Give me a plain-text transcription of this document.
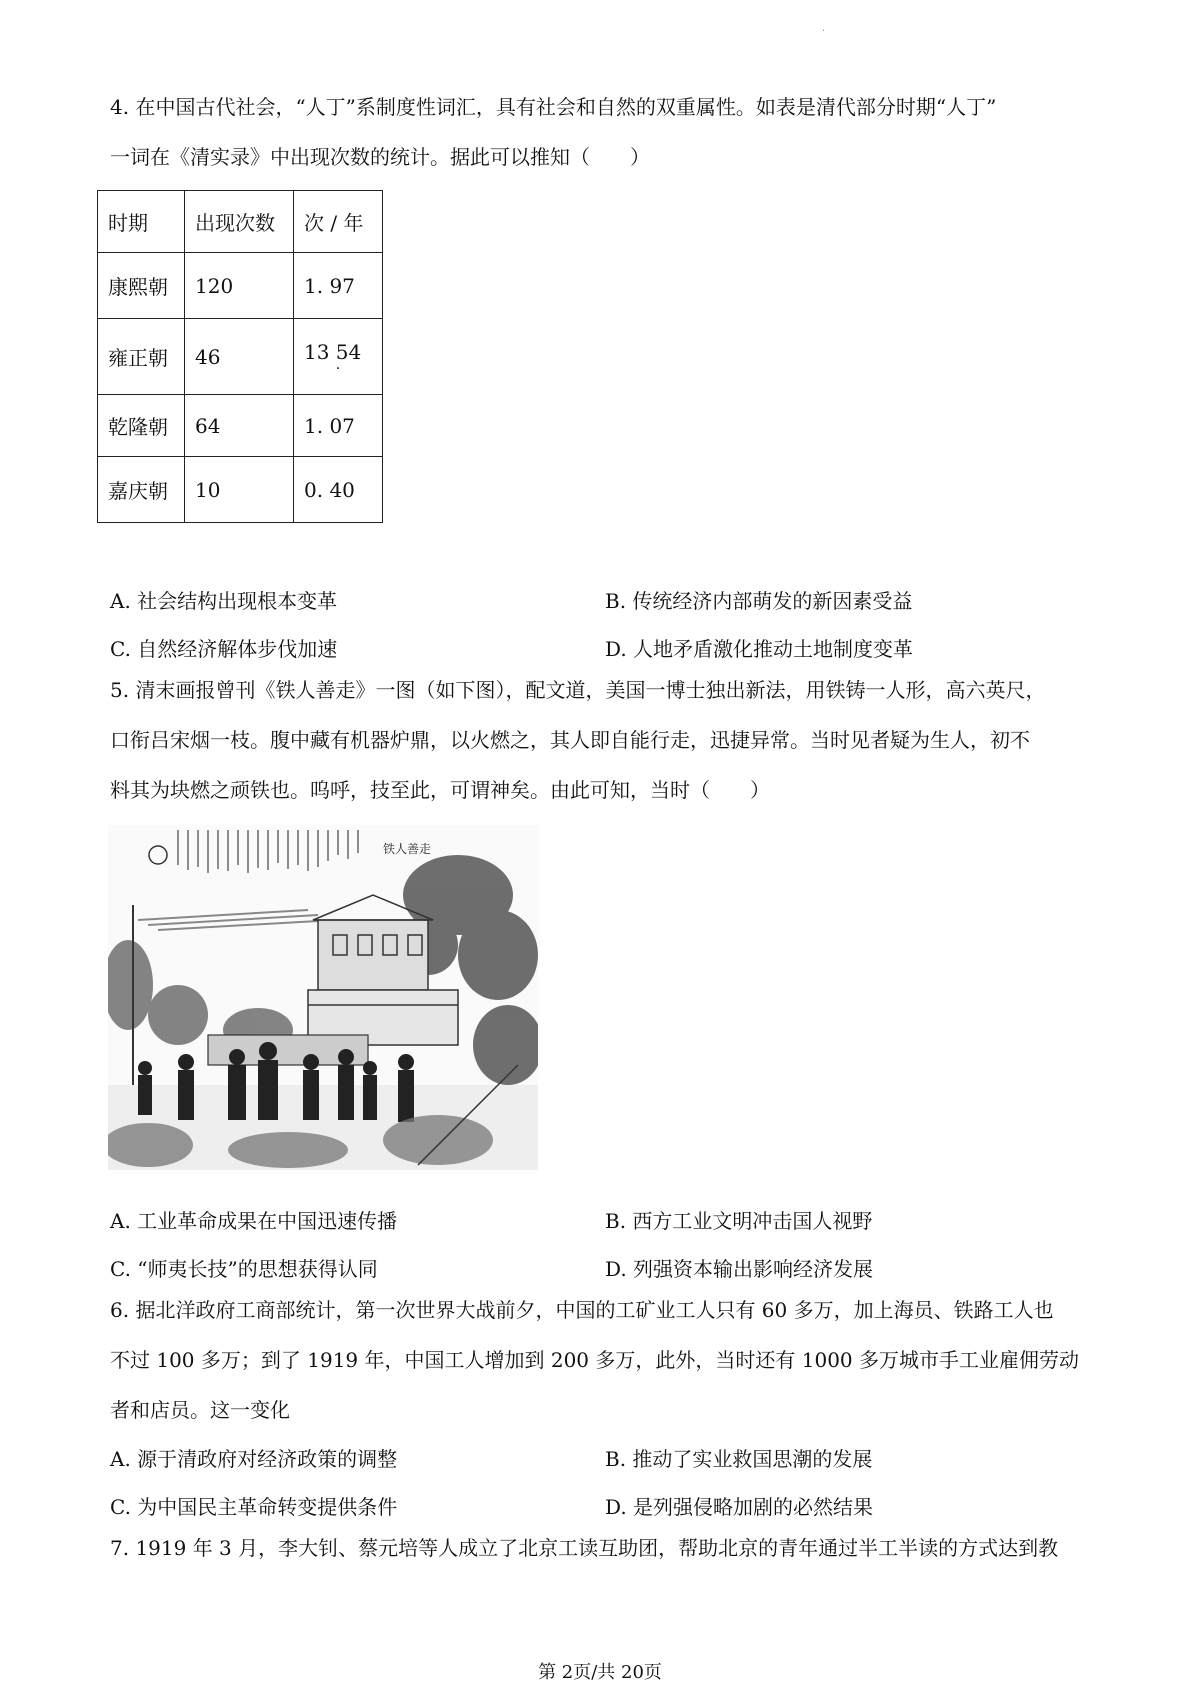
·
4. 在中国古代社会，“人丁”系制度性词汇，具有社会和自然的双重属性。如表是清代部分时期“人丁”
一词在《清实录》中出现次数的统计。据此可以推知（　　）
时期	出现次数	次 / 年
康熙朝	120	1. 97
雍正朝	46	13 54
·

乾隆朝	64	1. 07
嘉庆朝	10	0. 40
A. 社会结构出现根本变革	B. 传统经济内部萌发的新因素受益
C. 自然经济解体步伐加速	D. 人地矛盾激化推动土地制度变革
5. 清末画报曾刊《铁人善走》一图（如下图），配文道，美国一博士独出新法，用铁铸一人形，高六英尺，
口衔吕宋烟一枝。腹中藏有机器炉鼎，以火燃之，其人即自能行走，迅捷异常。当时见者疑为生人，初不
料其为块燃之顽铁也。呜呼，技至此，可谓神矣。由此可知，当时（　　）
铁人善走
A. 工业革命成果在中国迅速传播	B. 西方工业文明冲击国人视野
C. “师夷长技”的思想获得认同	D. 列强资本输出影响经济发展
6. 据北洋政府工商部统计，第一次世界大战前夕，中国的工矿业工人只有 60 多万，加上海员、铁路工人也
不过 100 多万；到了 1919 年，中国工人增加到 200 多万，此外，当时还有 1000 多万城市手工业雇佣劳动
者和店员。这一变化
A. 源于清政府对经济政策的调整	B. 推动了实业救国思潮的发展
C. 为中国民主革命转变提供条件	D. 是列强侵略加剧的必然结果
7. 1919 年 3 月，李大钊、蔡元培等人成立了北京工读互助团，帮助北京的青年通过半工半读的方式达到教
第 2页/共 20页
